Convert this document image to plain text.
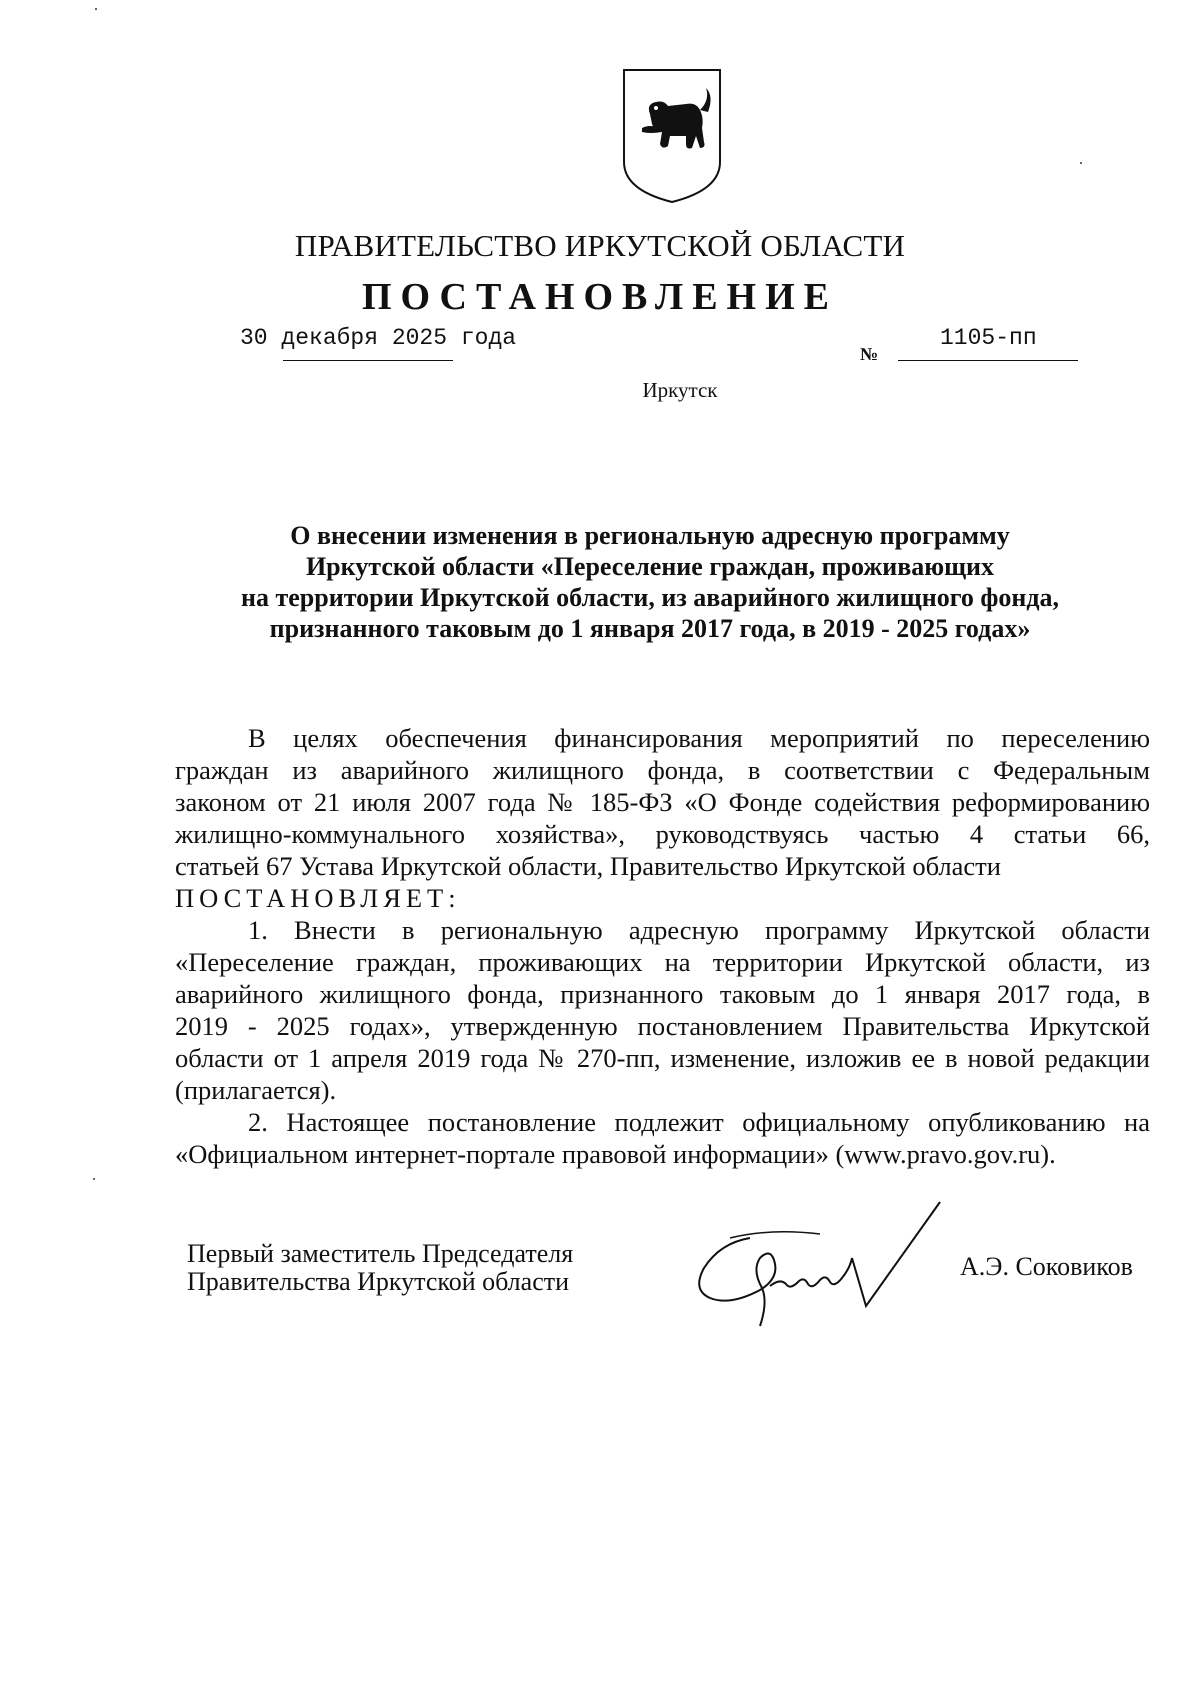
ПРАВИТЕЛЬСТВО ИРКУТСКОЙ ОБЛАСТИ
ПОСТАНОВЛЕНИЕ
30 декабря 2025 года
№
1105-пп
Иркутск
О внесении изменения в региональную адресную программу
Иркутской области «Переселение граждан, проживающих
на территории Иркутской области, из аварийного жилищного фонда,
признанного таковым до 1 января 2017 года, в 2019 - 2025 годах»
В целях обеспечения финансирования мероприятий по переселению
граждан из аварийного жилищного фонда, в соответствии с Федеральным
законом от 21 июля 2007 года № 185-ФЗ «О Фонде содействия реформированию
жилищно-коммунального хозяйства», руководствуясь частью 4 статьи 66,
статьей 67 Устава Иркутской области, Правительство Иркутской области
ПОСТАНОВЛЯЕТ:
1. Внести в региональную адресную программу Иркутской области
«Переселение граждан, проживающих на территории Иркутской области, из
аварийного жилищного фонда, признанного таковым до 1 января 2017 года, в
2019 - 2025 годах», утвержденную постановлением Правительства Иркутской
области от 1 апреля 2019 года № 270-пп, изменение, изложив ее в новой редакции
(прилагается).
2. Настоящее постановление подлежит официальному опубликованию на
«Официальном интернет-портале правовой информации» (www.pravo.gov.ru).
Первый заместитель Председателя
Правительства Иркутской области
А.Э. Соковиков
